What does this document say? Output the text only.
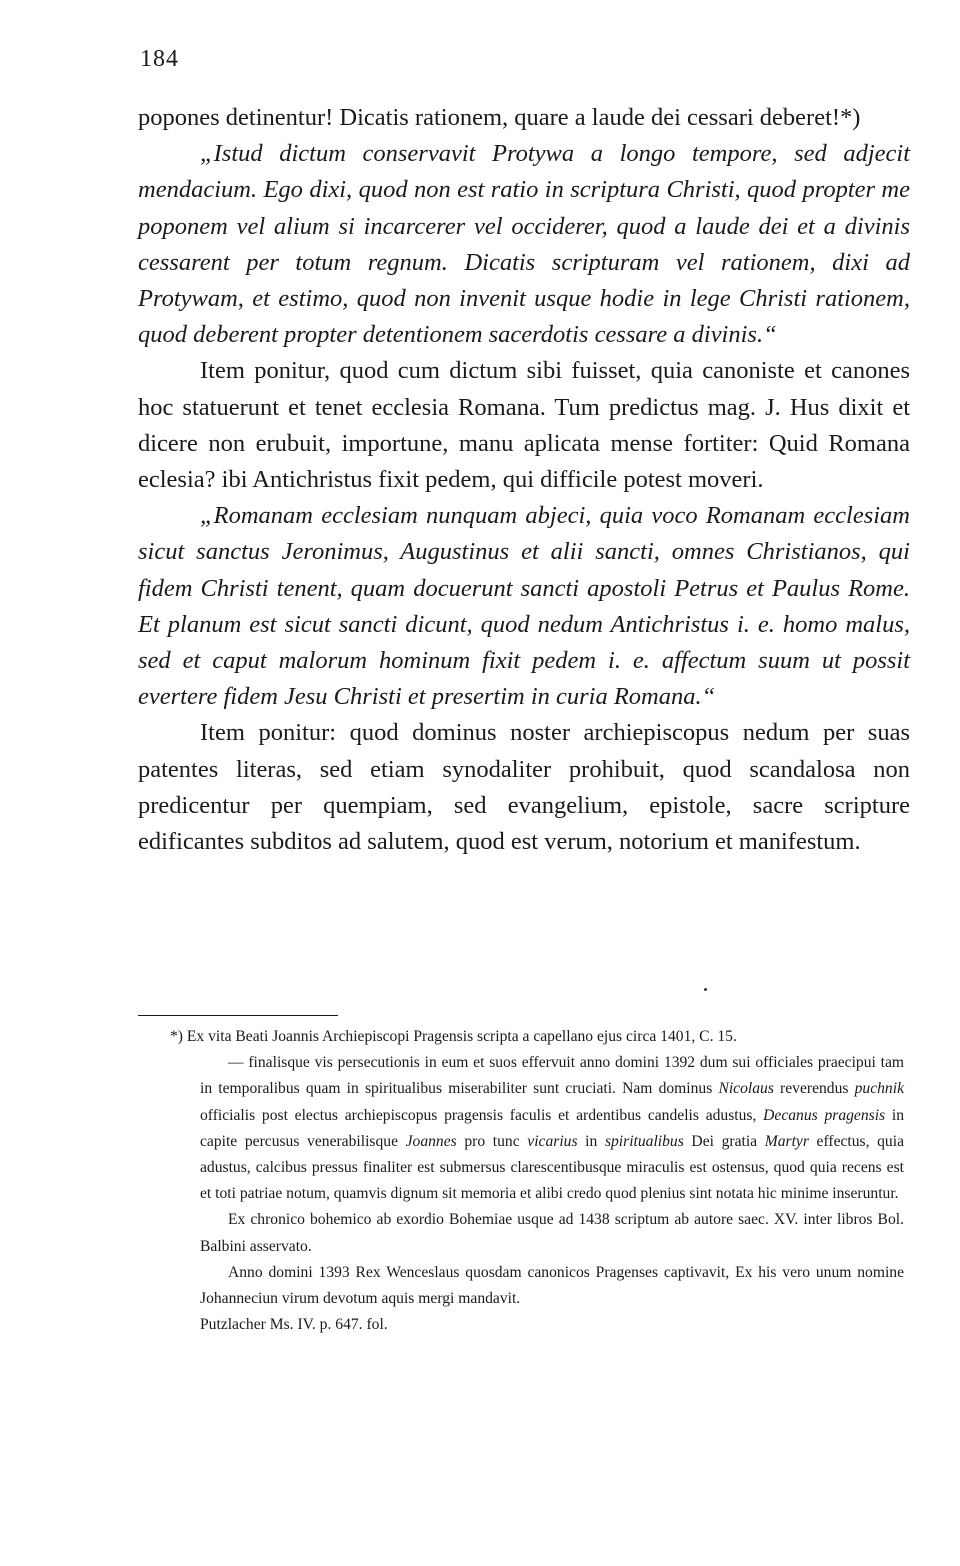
184

popones detinentur! Dicatis rationem, quare a laude dei cessari deberet!*)

„Istud dictum conservavit Protywa a longo tempore, sed adjecit mendacium. Ego dixi, quod non est ratio in scriptura Christi, quod propter me poponem vel alium si incarcerer vel occiderer, quod a laude dei et a divinis cessarent per totum regnum. Dicatis scripturam vel rationem, dixi ad Protywam, et estimo, quod non invenit usque hodie in lege Christi rationem, quod deberent propter detentionem sacerdotis cessare a divinis.“

Item ponitur, quod cum dictum sibi fuisset, quia canoniste et canones hoc statuerunt et tenet ecclesia Romana. Tum predictus mag. J. Hus dixit et dicere non erubuit, importune, manu aplicata mense fortiter: Quid Romana eclesia? ibi Antichristus fixit pedem, qui difficile potest moveri.

„Romanam ecclesiam nunquam abjeci, quia voco Romanam ecclesiam sicut sanctus Jeronimus, Augustinus et alii sancti, omnes Christianos, qui fidem Christi tenent, quam docuerunt sancti apostoli Petrus et Paulus Rome. Et planum est sicut sancti dicunt, quod nedum Antichristus i. e. homo malus, sed et caput malorum hominum fixit pedem i. e. affectum suum ut possit evertere fidem Jesu Christi et presertim in curia Romana.“

Item ponitur: quod dominus noster archiepiscopus nedum per suas patentes literas, sed etiam synodaliter prohibuit, quod scandalosa non predicentur per quempiam, sed evangelium, epistole, sacre scripture edificantes subditos ad salutem, quod est verum, notorium et manifestum.

*) Ex vita Beati Joannis Archiepiscopi Pragensis scripta a capellano ejus circa 1401, C. 15.

— finalisque vis persecutionis in eum et suos effervuit anno domini 1392 dum sui officiales praecipui tam in temporalibus quam in spiritualibus miserabiliter sunt cruciati. Nam dominus Nicolaus reverendus puchnik officialis post electus archiepiscopus pragensis faculis et ardentibus candelis adustus, Decanus pragensis in capite percusus venerabilisque Joannes pro tunc vicarius in spiritualibus Dei gratia Martyr effectus, quia adustus, calcibus pressus finaliter est submersus clarescentibusque miraculis est ostensus, quod quia recens est et toti patriae notum, quamvis dignum sit memoria et alibi credo quod plenius sint notata hic minime inseruntur.

Ex chronico bohemico ab exordio Bohemiae usque ad 1438 scriptum ab autore saec. XV. inter libros Bol. Balbini asservato.

Anno domini 1393 Rex Wenceslaus quosdam canonicos Pragenses captivavit, Ex his vero unum nomine Johanneciun virum devotum aquis mergi mandavit.

Putzlacher Ms. IV. p. 647. fol.
